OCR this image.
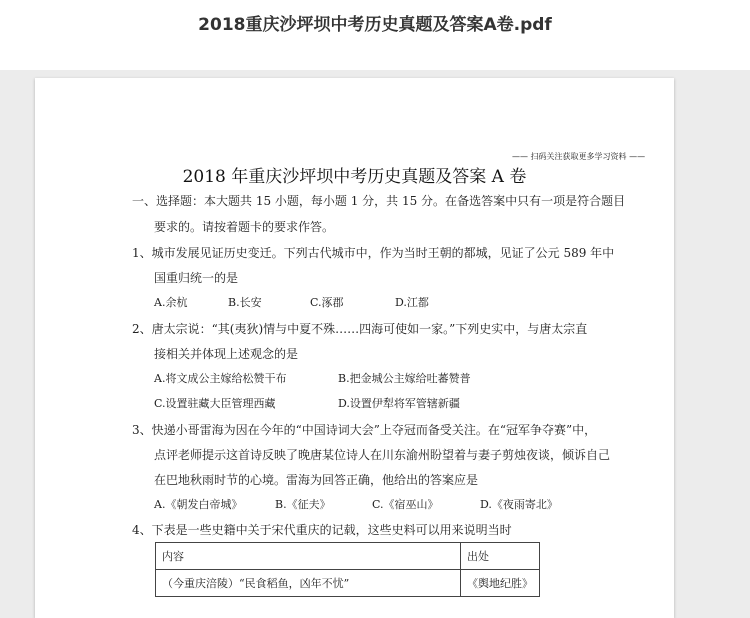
2018重庆沙坪坝中考历史真题及答案A卷.pdf
—— 扫码关注获取更多学习资料 ——
2018 年重庆沙坪坝中考历史真题及答案 A 卷
一、选择题：本大题共 15 小题，每小题 1 分，共 15 分。在备选答案中只有一项是符合题目
要求的。请按着题卡的要求作答。
1、城市发展见证历史变迁。下列古代城市中，作为当时王朝的都城，见证了公元 589 年中
国重归统一的是
A.余杭	B.长安	C.涿郡	D.江都
2、唐太宗说：“其(夷狄)情与中夏不殊……四海可使如一家。”下列史实中，与唐太宗直
接相关并体现上述观念的是
A.将文成公主嫁给松赞干布	B.把金城公主嫁给吐蕃赞普
C.设置驻藏大臣管理西藏	D.设置伊犁将军管辖新疆
3、快递小哥雷海为因在今年的“中国诗词大会”上夺冠而备受关注。在“冠军争夺赛”中，
点评老师提示这首诗反映了晚唐某位诗人在川东渝州盼望着与妻子剪烛夜谈，倾诉自己
在巴地秋雨时节的心境。雷海为回答正确，他给出的答案应是
A.《朝发白帝城》	B.《征夫》	C.《宿巫山》	D.《夜雨寄北》
4、下表是一些史籍中关于宋代重庆的记载，这些史料可以用来说明当时
内容	出处
（今重庆涪陵）“民食稻鱼，凶年不忧”	《舆地纪胜》
